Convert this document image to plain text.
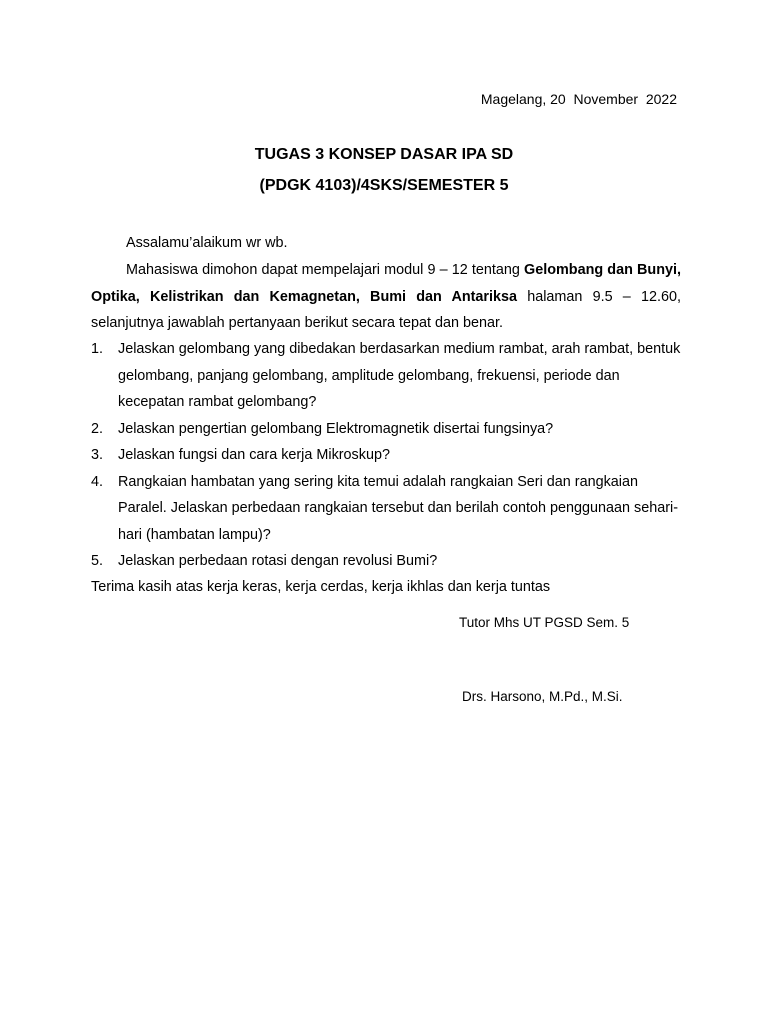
Magelang, 20  November  2022
TUGAS 3 KONSEP DASAR IPA SD
(PDGK 4103)/4SKS/SEMESTER 5
Assalamu’alaikum wr wb.
Mahasiswa dimohon dapat mempelajari modul 9 – 12 tentang Gelombang dan Bunyi, Optika, Kelistrikan dan Kemagnetan, Bumi dan Antariksa halaman 9.5 – 12.60, selanjutnya jawablah pertanyaan berikut secara tepat dan benar.
1. Jelaskan gelombang yang dibedakan berdasarkan medium rambat, arah rambat, bentuk gelombang, panjang gelombang, amplitude gelombang, frekuensi, periode dan kecepatan rambat gelombang?
2. Jelaskan pengertian gelombang Elektromagnetik disertai fungsinya?
3. Jelaskan fungsi dan cara kerja Mikroskup?
4. Rangkaian hambatan yang sering kita temui adalah rangkaian Seri dan rangkaian Paralel. Jelaskan perbedaan rangkaian tersebut dan berilah contoh penggunaan sehari-hari (hambatan lampu)?
5. Jelaskan perbedaan rotasi dengan revolusi Bumi?
Terima kasih atas kerja keras, kerja cerdas, kerja ikhlas dan kerja tuntas
Tutor Mhs UT PGSD Sem. 5
Drs. Harsono, M.Pd., M.Si.
